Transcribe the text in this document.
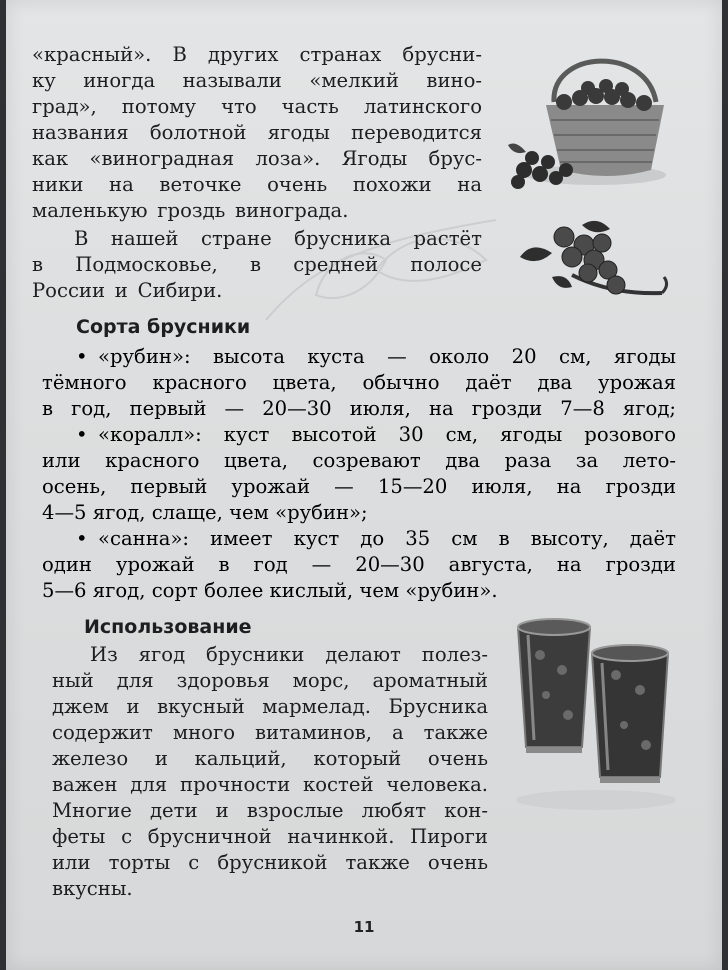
«красный». В других странах брусни-
ку иногда называли «мелкий вино-
град», потому что часть латинского
названия болотной ягоды переводится
как «виноградная лоза». Ягоды брус-
ники на веточке очень похожи на
маленькую гроздь винограда.
В нашей стране брусника растёт
в Подмосковье, в средней полосе
России и Сибири.
Сорта брусники
• «рубин»: высота куста — около 20 см, ягоды
тёмного красного цвета, обычно даёт два урожая
в год, первый — 20—30 июля, на грозди 7—8 ягод;
• «коралл»: куст высотой 30 см, ягоды розового
или красного цвета, созревают два раза за лето-
осень, первый урожай — 15—20 июля, на грозди
4—5 ягод, слаще, чем «рубин»;
• «санна»: имеет куст до 35 см в высоту, даёт
один урожай в год — 20—30 августа, на грозди
5—6 ягод, сорт более кислый, чем «рубин».
Использование
Из ягод брусники делают полез-
ный для здоровья морс, ароматный
джем и вкусный мармелад. Брусника
содержит много витаминов, а также
железо и кальций, который очень
важен для прочности костей человека.
Многие дети и взрослые любят кон-
феты с брусничной начинкой. Пироги
или торты с брусникой также очень
вкусны.
11
